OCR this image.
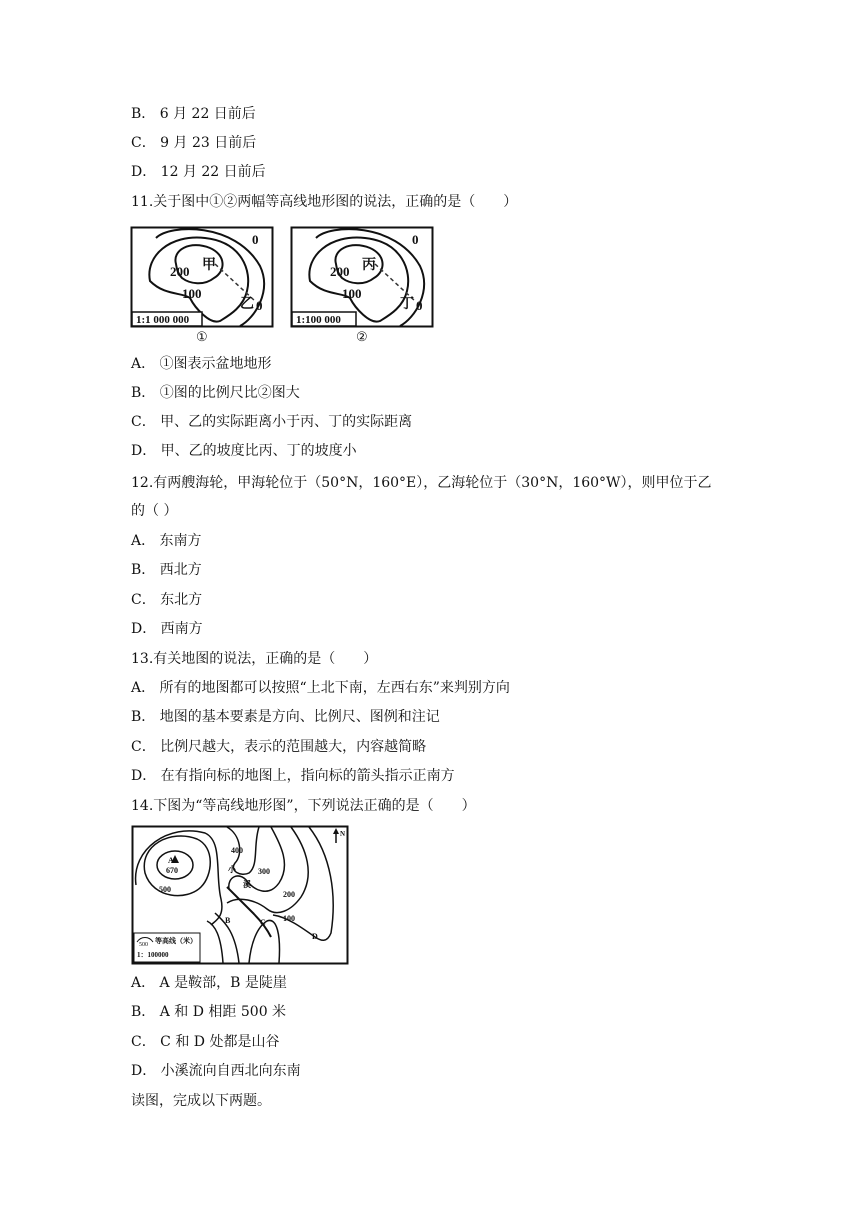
B． 6 月 22 日前后
C． 9 月 23 日前后
D． 12 月 22 日前后
11.关于图中①②两幅等高线地形图的说法，正确的是（　　）
0
200
100
甲
乙 0
1:1 000 000
①
0
200
100
丙
丁 0
1:100 000
②
A． ①图表示盆地地形
B． ①图的比例尺比②图大
C． 甲、乙的实际距离小于丙、丁的实际距离
D． 甲、乙的坡度比丙、丁的坡度小
12.有两艘海轮，甲海轮位于（50°N，160°E），乙海轮位于（30°N，160°W），则甲位于乙
的（ ）
A． 东南方
B． 西北方
C． 东北方
D． 西南方
13.有关地图的说法，正确的是（　　）
A． 所有的地图都可以按照“上北下南，左西右东”来判别方向
B． 地图的基本要素是方向、比例尺、图例和注记
C． 比例尺越大，表示的范围越大，内容越简略
D． 在有指向标的地图上，指向标的箭头指示正南方
14.下图为“等高线地形图”，下列说法正确的是（　　）
A
670
500
400
300
200
100
小
溪
B	C
D
N
500 等高线（米）
1：100000
A． A 是鞍部，B 是陡崖
B． A 和 D 相距 500 米
C． C 和 D 处都是山谷
D． 小溪流向自西北向东南
读图，完成以下两题。
